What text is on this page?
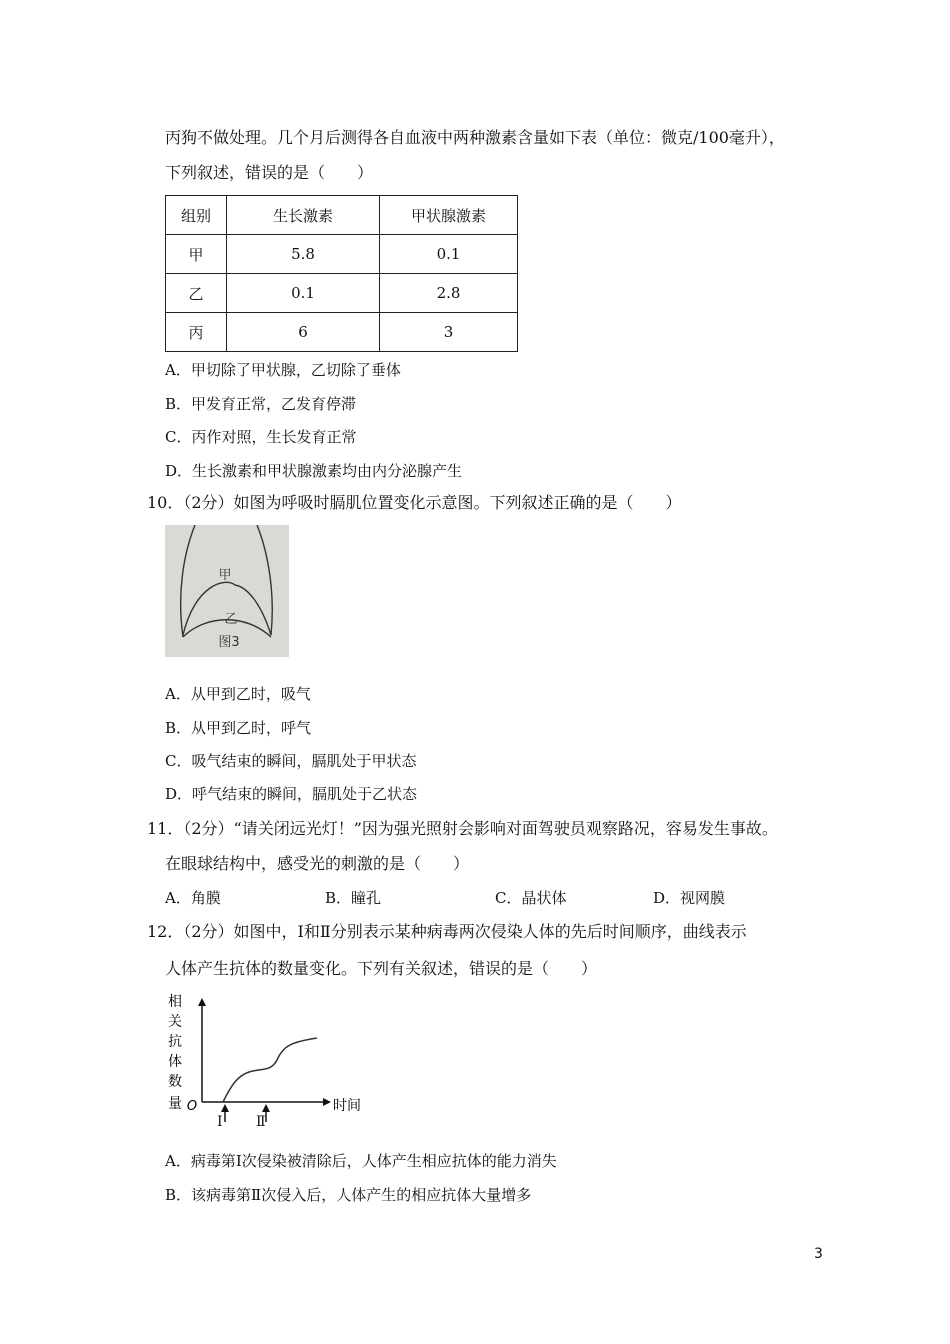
丙狗不做处理。几个月后测得各自血液中两种激素含量如下表（单位：微克/100毫升），
下列叙述，错误的是（　　）
组别	生长激素	甲状腺激素
甲	5.8	0.1
乙	0.1	2.8
丙	6	3
A．甲切除了甲状腺，乙切除了垂体
B．甲发育正常，乙发育停滞
C．丙作对照，生长发育正常
D．生长激素和甲状腺激素均由内分泌腺产生
10．（2分）如图为呼吸时膈肌位置变化示意图。下列叙述正确的是（　　）
甲
乙
图3
A．从甲到乙时，吸气
B．从甲到乙时，呼气
C．吸气结束的瞬间，膈肌处于甲状态
D．呼气结束的瞬间，膈肌处于乙状态
11．（2分）“请关闭远光灯！”因为强光照射会影响对面驾驶员观察路况，容易发生事故。
在眼球结构中，感受光的刺激的是（　　）
A．角膜	B．瞳孔	C．晶状体	D．视网膜
12．（2分）如图中，Ⅰ和Ⅱ分别表示某种病毒两次侵染人体的先后时间顺序，曲线表示
人体产生抗体的数量变化。下列有关叙述，错误的是（　　）
相
关
抗
体
数
量 O	时间
Ⅰ Ⅱ
A．病毒第Ⅰ次侵染被清除后，人体产生相应抗体的能力消失
B．该病毒第Ⅱ次侵入后，人体产生的相应抗体大量增多
3
